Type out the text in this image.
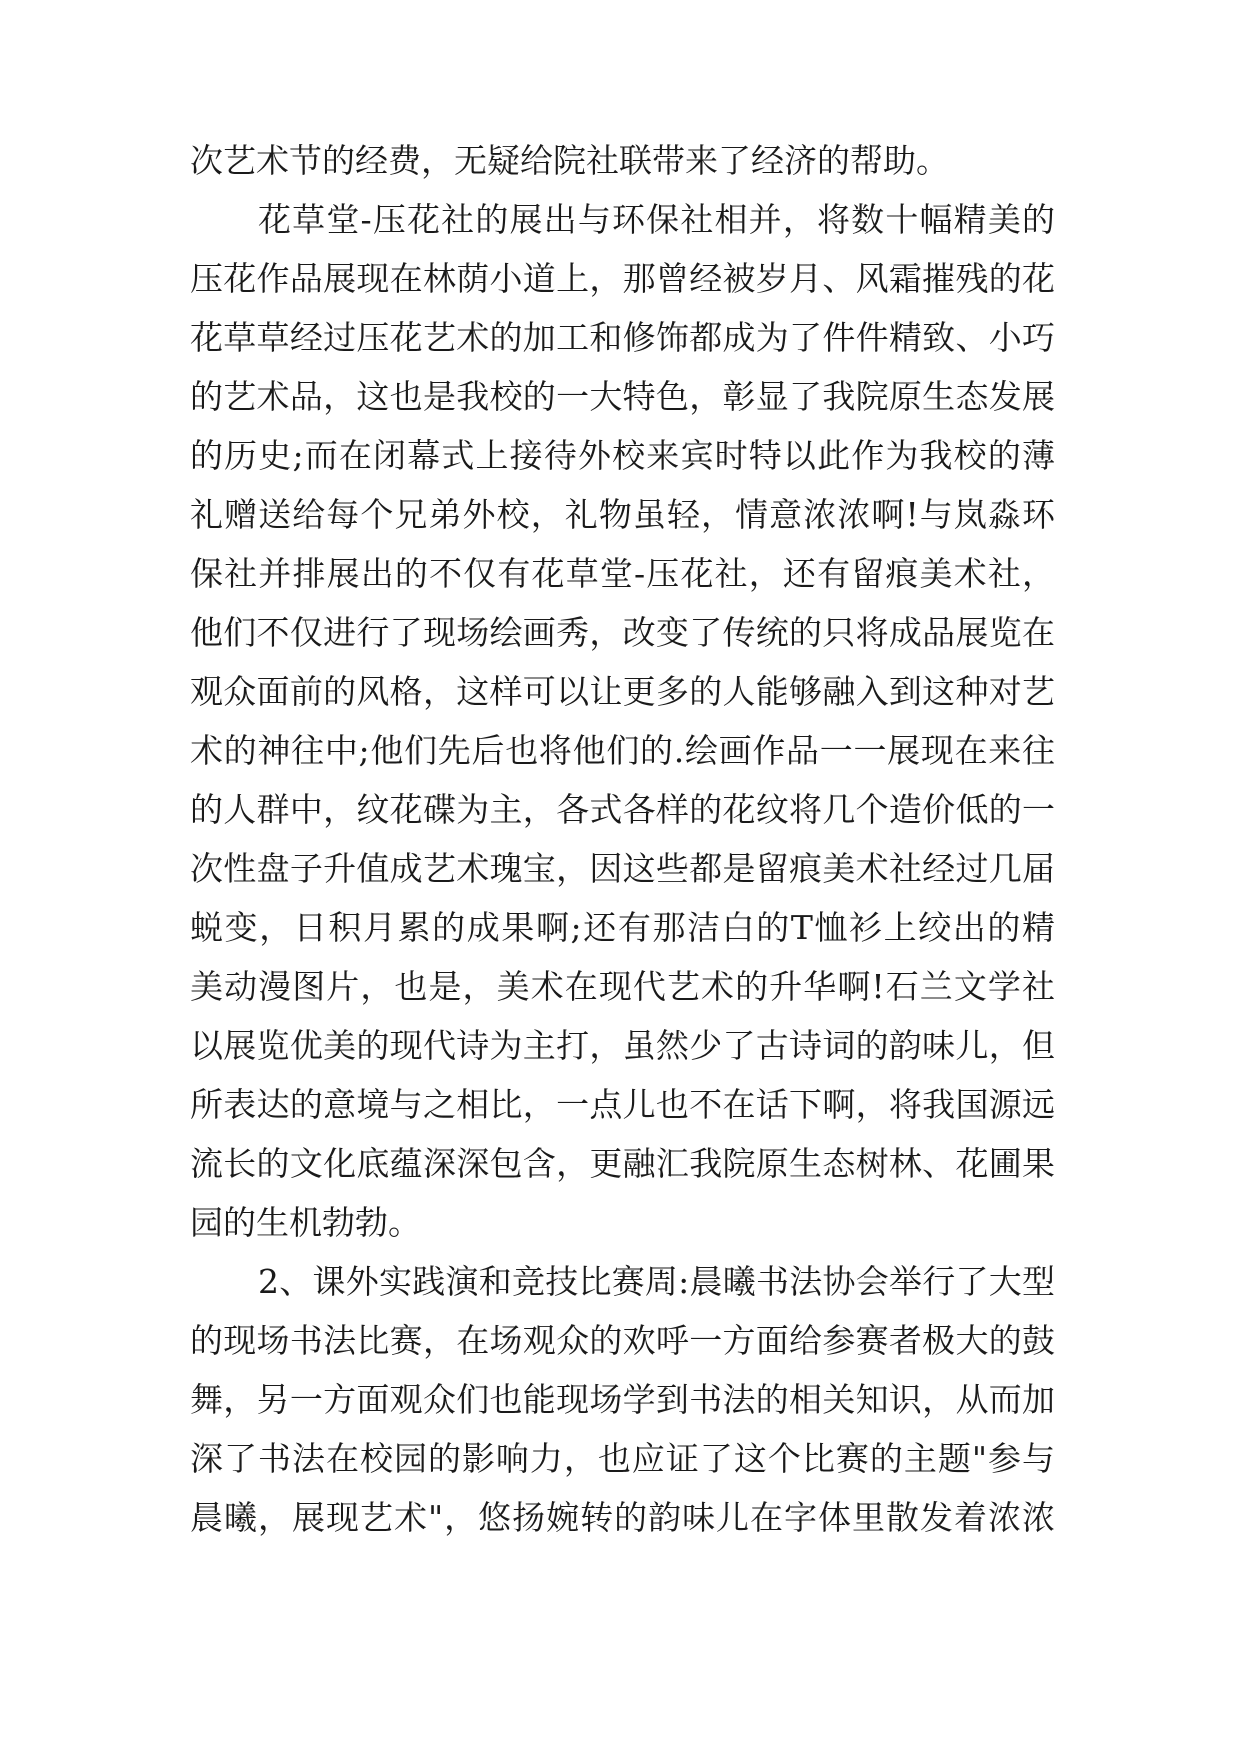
次艺术节的经费，无疑给院社联带来了经济的帮助。
花草堂-压花社的展出与环保社相并，将数十幅精美的
压花作品展现在林荫小道上，那曾经被岁月、风霜摧残的花
花草草经过压花艺术的加工和修饰都成为了件件精致、小巧
的艺术品，这也是我校的一大特色，彰显了我院原生态发展
的历史;而在闭幕式上接待外校来宾时特以此作为我校的薄
礼赠送给每个兄弟外校，礼物虽轻，情意浓浓啊!与岚淼环
保社并排展出的不仅有花草堂-压花社，还有留痕美术社，
他们不仅进行了现场绘画秀，改变了传统的只将成品展览在
观众面前的风格，这样可以让更多的人能够融入到这种对艺
术的神往中;他们先后也将他们的.绘画作品一一展现在来往
的人群中，纹花碟为主，各式各样的花纹将几个造价低的一
次性盘子升值成艺术瑰宝，因这些都是留痕美术社经过几届
蜕变，日积月累的成果啊;还有那洁白的T恤衫上绞出的精
美动漫图片，也是，美术在现代艺术的升华啊!石兰文学社
以展览优美的现代诗为主打，虽然少了古诗词的韵味儿，但
所表达的意境与之相比，一点儿也不在话下啊，将我国源远
流长的文化底蕴深深包含，更融汇我院原生态树林、花圃果
园的生机勃勃。
2、课外实践演和竞技比赛周:晨曦书法协会举行了大型
的现场书法比赛，在场观众的欢呼一方面给参赛者极大的鼓
舞，另一方面观众们也能现场学到书法的相关知识，从而加
深了书法在校园的影响力，也应证了这个比赛的主题"参与
晨曦，展现艺术"，悠扬婉转的韵味儿在字体里散发着浓浓
